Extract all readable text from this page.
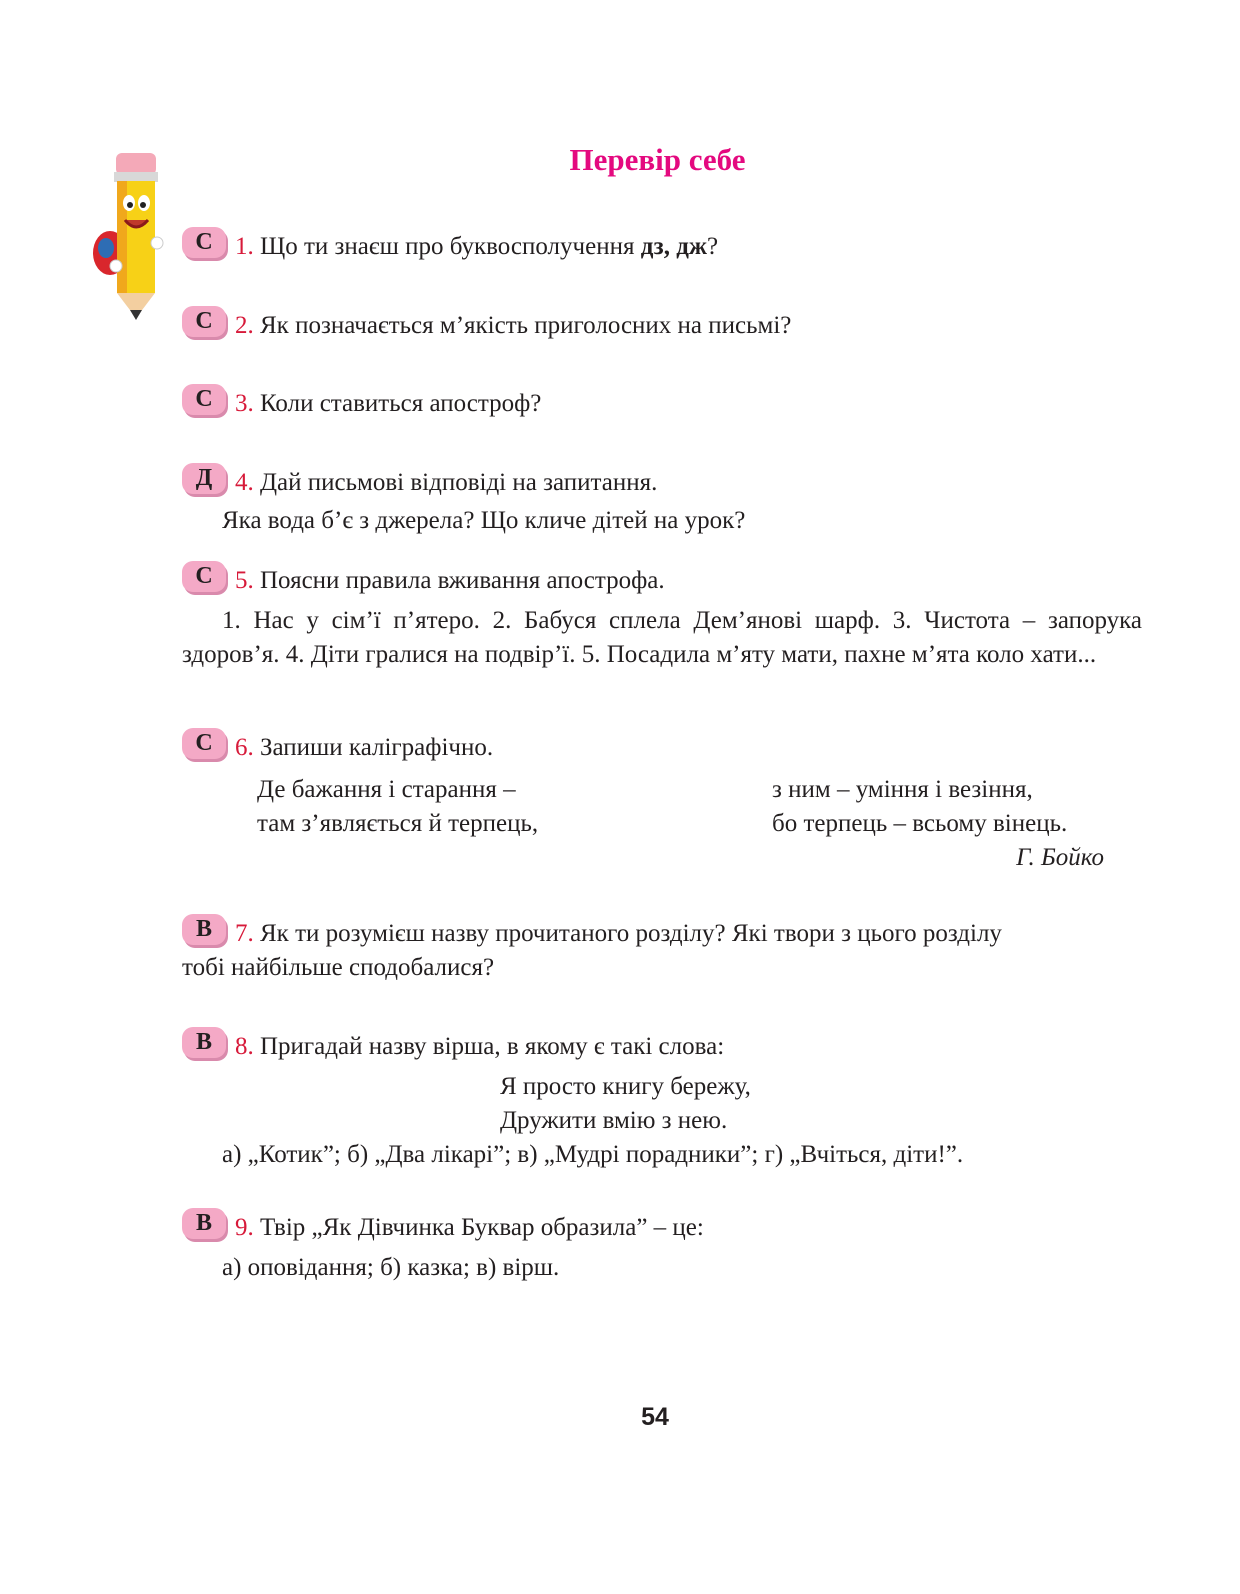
Перевір себе
С 1. Що ти знаєш про буквосполучення дз, дж?
С 2. Як позначається м’якість приголосних на письмі?
С 3. Коли ставиться апостроф?
Д 4. Дай письмові відповіді на запитання.
Яка вода б’є з джерела? Що кличе дітей на урок?
С 5. Поясни правила вживання апострофа.
1. Нас у сім’ї п’ятеро. 2. Бабуся сплела Дем’янові шарф. 3. Чистота – запорука здоров’я. 4. Діти гралися на подвір’ї. 5. Посадила м’яту мати, пахне м’ята коло хати...
С 6. Запиши каліграфічно.
Де бажання і старання –
там з’являється й терпець,
з ним – уміння і везіння,
бо терпець – всьому вінець.
Г. Бойко
В 7. Як ти розумієш назву прочитаного розділу? Які твори з цього розділу
тобі найбільше сподобалися?
В 8. Пригадай назву вірша, в якому є такі слова:
Я просто книгу бережу,
Дружити вмію з нею.
а) „Котик”; б) „Два лікарі”; в) „Мудрі порадники”; г) „Вчіться, діти!”.
В 9. Твір „Як Дівчинка Буквар образила” – це:
а) оповідання; б) казка; в) вірш.
54
